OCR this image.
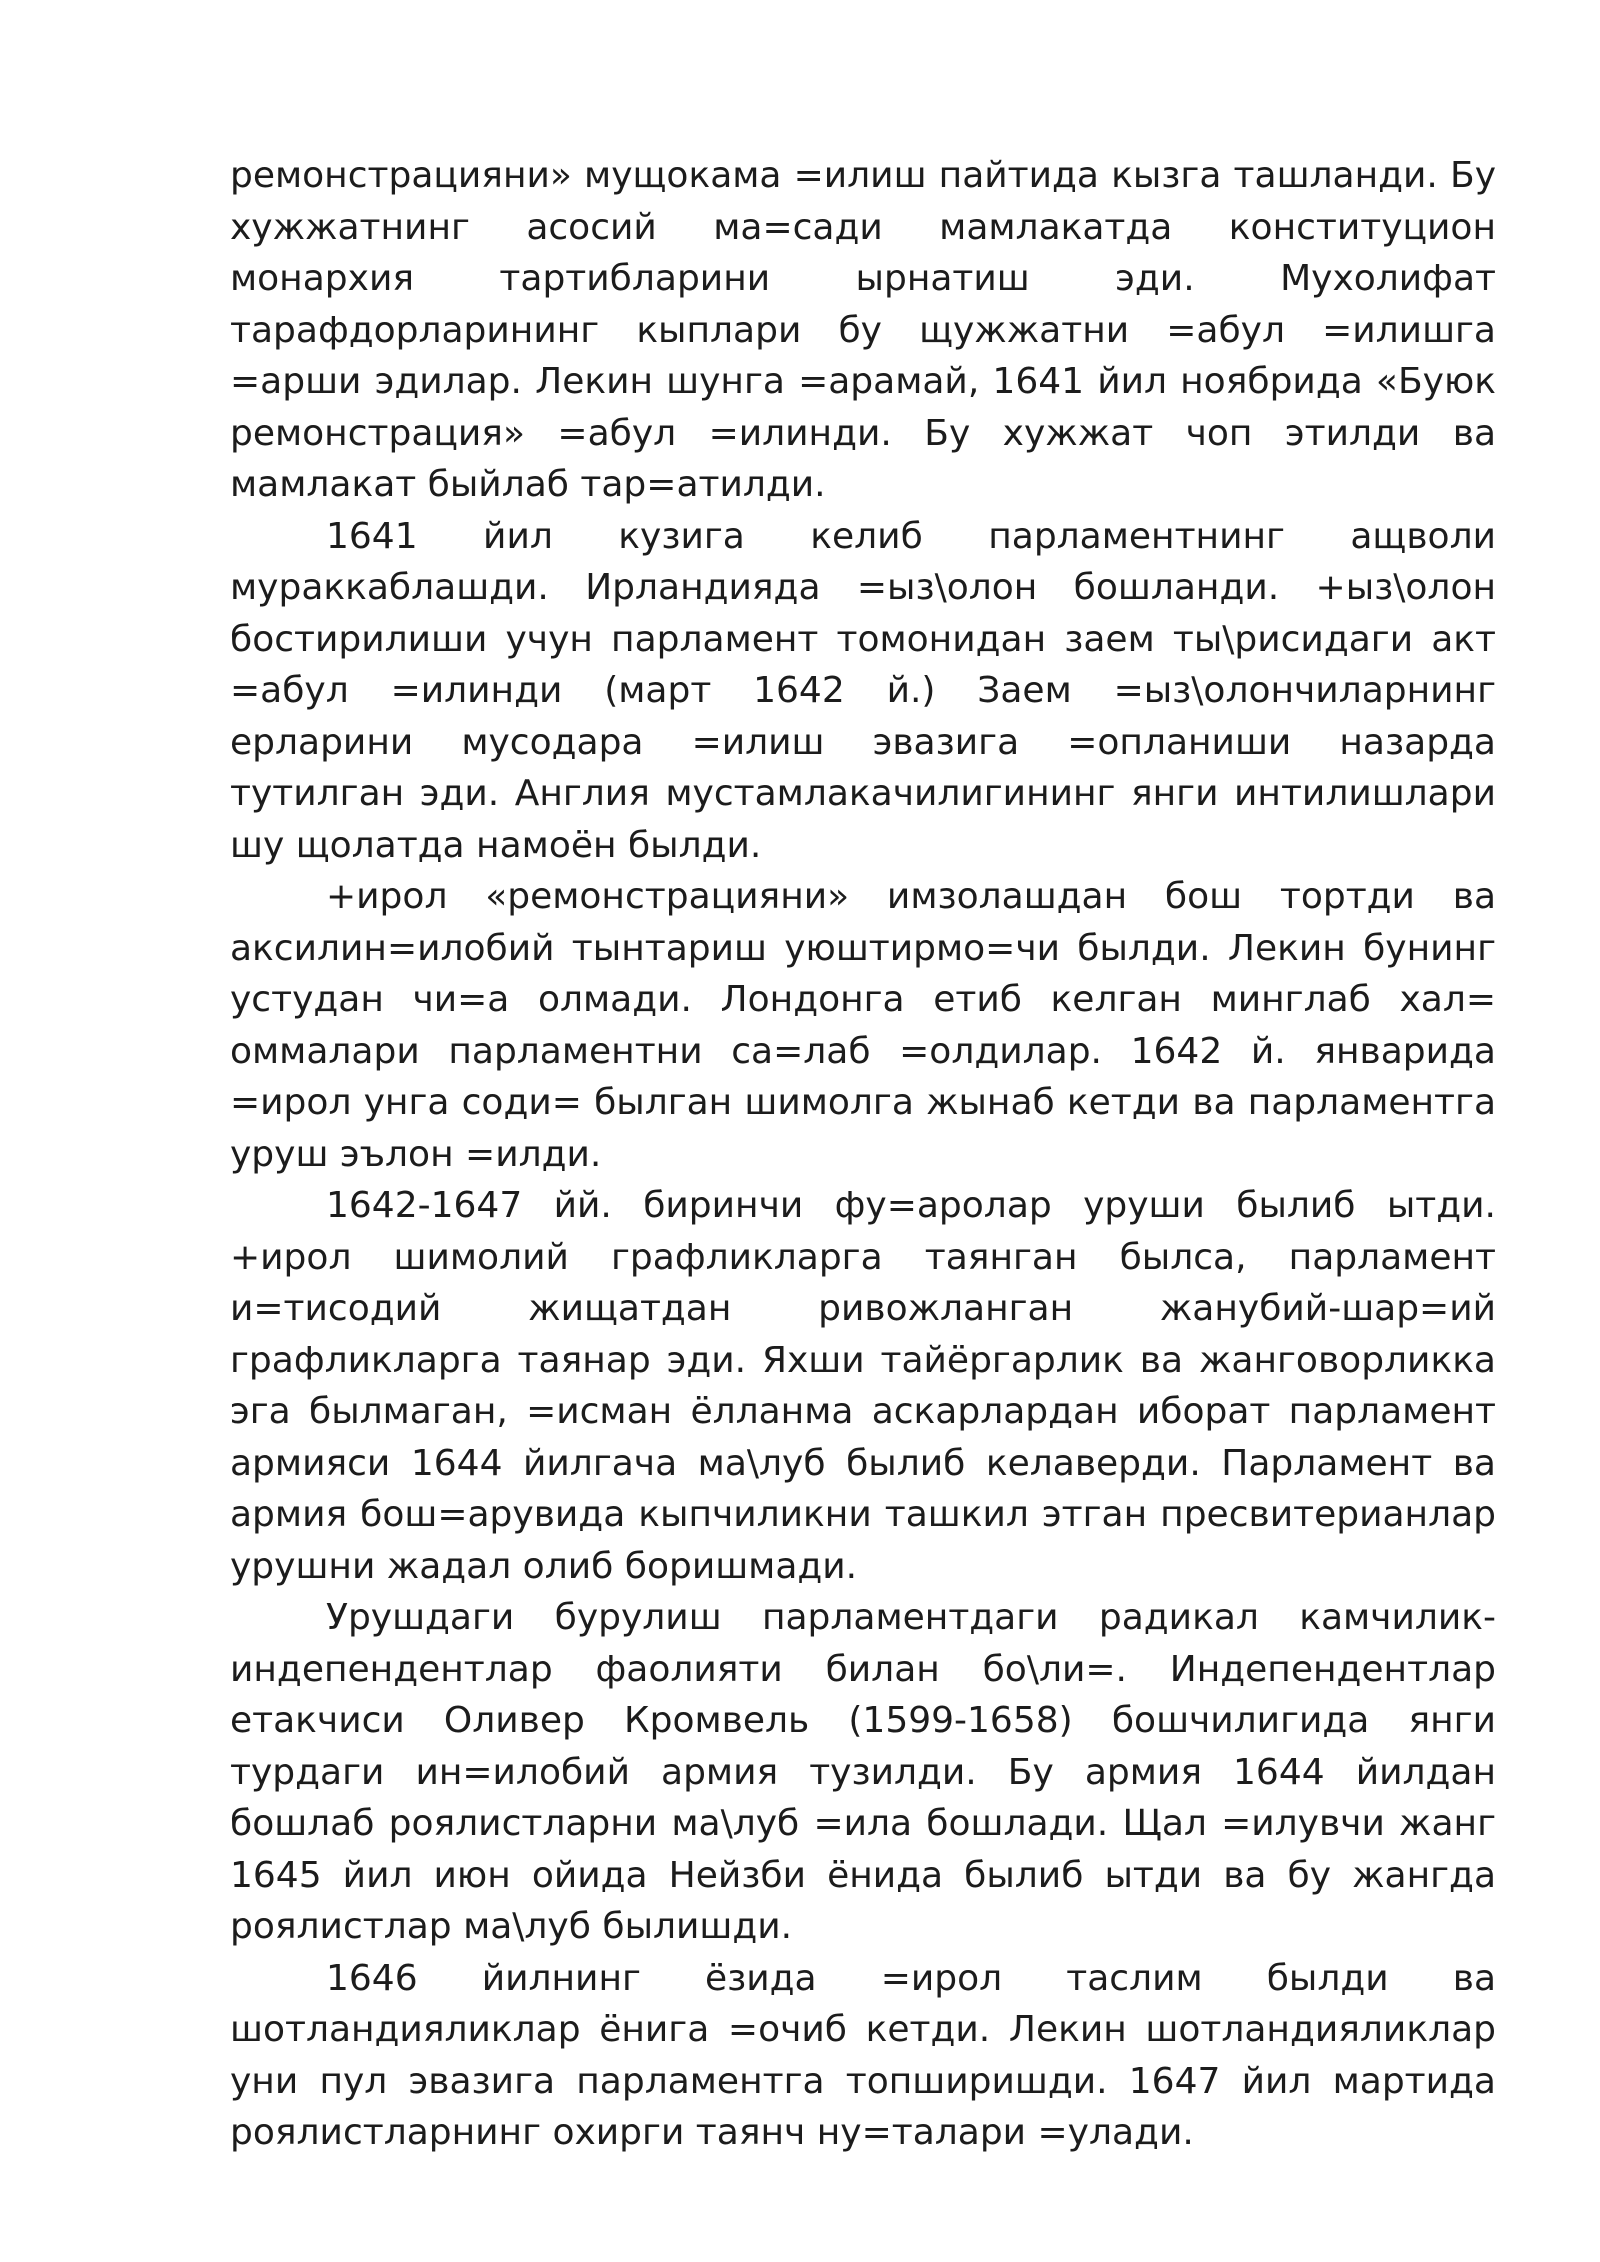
ремонстрацияни» мущокама =илиш пайтида кызга ташланди. Бу хужжатнинг асосий ма=сади мамлакатда конституцион монархия тартибларини ырнатиш эди. Мухолифат тарафдорларининг кыплари бу щужжатни =абул =илишга =арши эдилар. Лекин шунга =арамай, 1641 йил ноябрида «Буюк ремонстрация» =абул =илинди. Бу хужжат чоп этилди ва мамлакат быйлаб тар=атилди.

1641 йил кузига келиб парламентнинг ащволи мураккаблашди. Ирландияда =ыз\олон бошланди. +ыз\олон бостирилиши учун парламент томонидан заем ты\рисидаги акт =абул =илинди (март 1642 й.) Заем =ыз\олончиларнинг ерларини мусодара =илиш эвазига =опланиши назарда тутилган эди. Англия мустамлакачилигининг янги интилишлари шу щолатда намоён былди.

+ирол «ремонстрацияни» имзолашдан бош тортди ва аксилин=илобий тынтариш уюштирмо=чи былди. Лекин бунинг устудан чи=а олмади. Лондонга етиб келган минглаб хал= оммалари парламентни са=лаб =олдилар. 1642 й. январида =ирол унга соди= былган шимолга жынаб кетди ва парламентга уруш эълон =илди.

1642-1647 йй. биринчи фу=аролар уруши былиб ытди. +ирол шимолий графликларга таянган былса, парламент и=тисодий жищатдан ривожланган жанубий-шар=ий графликларга таянар эди. Яхши тайёргарлик ва жанговорликка эга былмаган, =исман ёлланма аскарлардан иборат парламент армияси 1644 йилгача ма\луб былиб келаверди. Парламент ва армия бош=арувида кыпчиликни ташкил этган пресвитерианлар урушни жадал олиб боришмади.

Урушдаги бурулиш парламентдаги радикал камчилик-индепендентлар фаолияти билан бо\ли=. Индепендентлар етакчиси Оливер Кромвель (1599-1658) бошчилигида янги турдаги ин=илобий армия тузилди. Бу армия 1644 йилдан бошлаб роялистларни ма\луб =ила бошлади. Щал =илувчи жанг 1645 йил июн ойида Нейзби ёнида былиб ытди ва бу жангда роялистлар ма\луб былишди.

1646 йилнинг ёзида =ирол таслим былди ва шотландияликлар ёнига =очиб кетди. Лекин шотландияликлар уни пул эвазига парламентга топширишди. 1647 йил мартида роялистларнинг охирги таянч ну=талари =улади.
